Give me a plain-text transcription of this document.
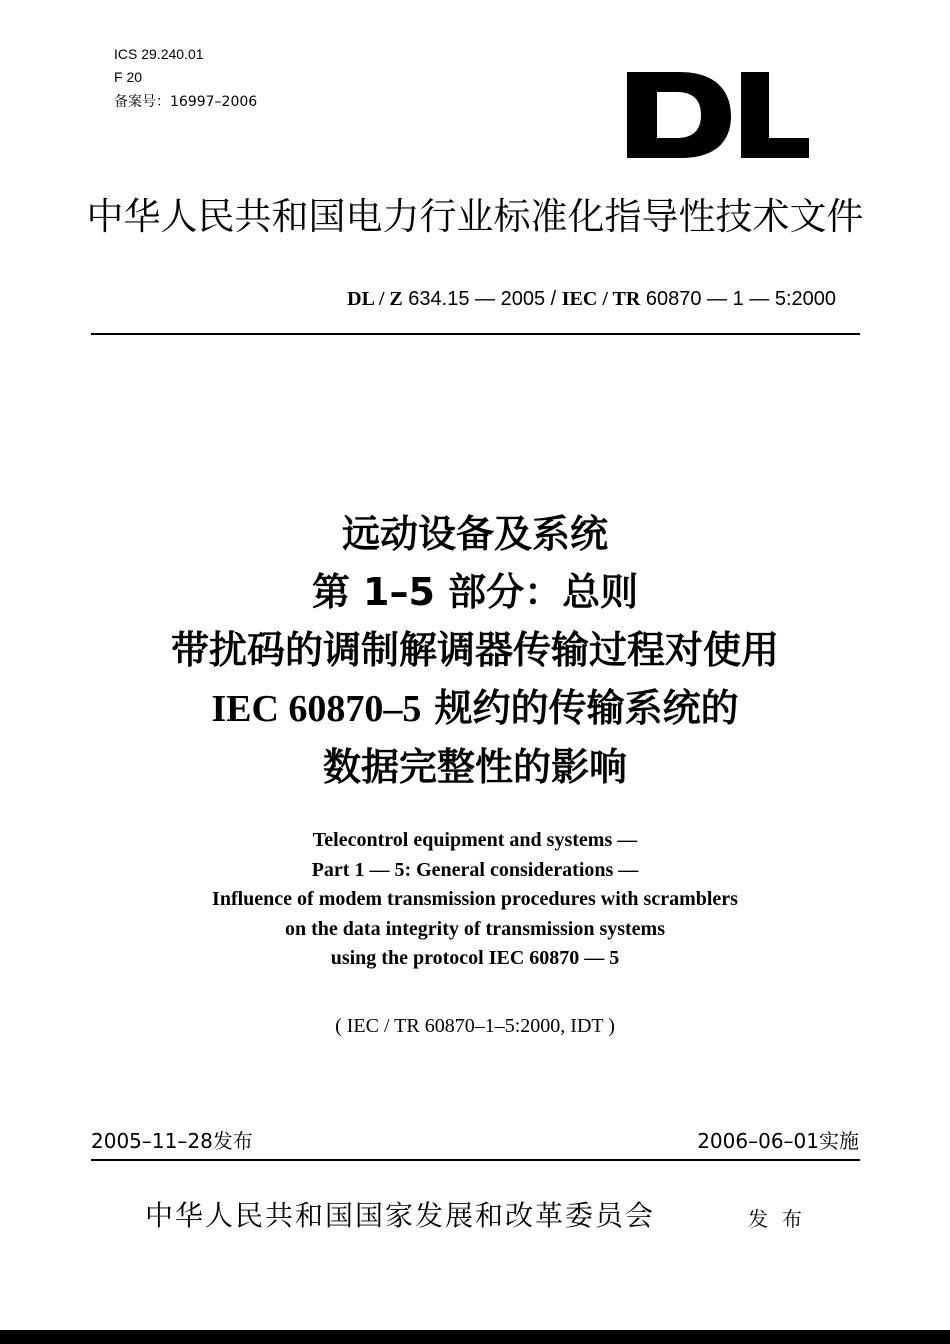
ICS 29.240.01
F 20
备案号：16997–2006
中华人民共和国电力行业标准化指导性技术文件
DL / Z 634.15 — 2005 / IEC / TR 60870 — 1 — 5:2000
远动设备及系统
第 1–5 部分：总则
带扰码的调制解调器传输过程对使用
IEC 60870–5 规约的传输系统的
数据完整性的影响
Telecontrol equipment and systems —
Part 1 — 5: General considerations —
Influence of modem transmission procedures with scramblers
on the data integrity of transmission systems
using the protocol IEC 60870 — 5
( IEC / TR 60870–1–5:2000, IDT )
2005–11–28发布	2006–06–01实施
中华人民共和国国家发展和改革委员会	发布
